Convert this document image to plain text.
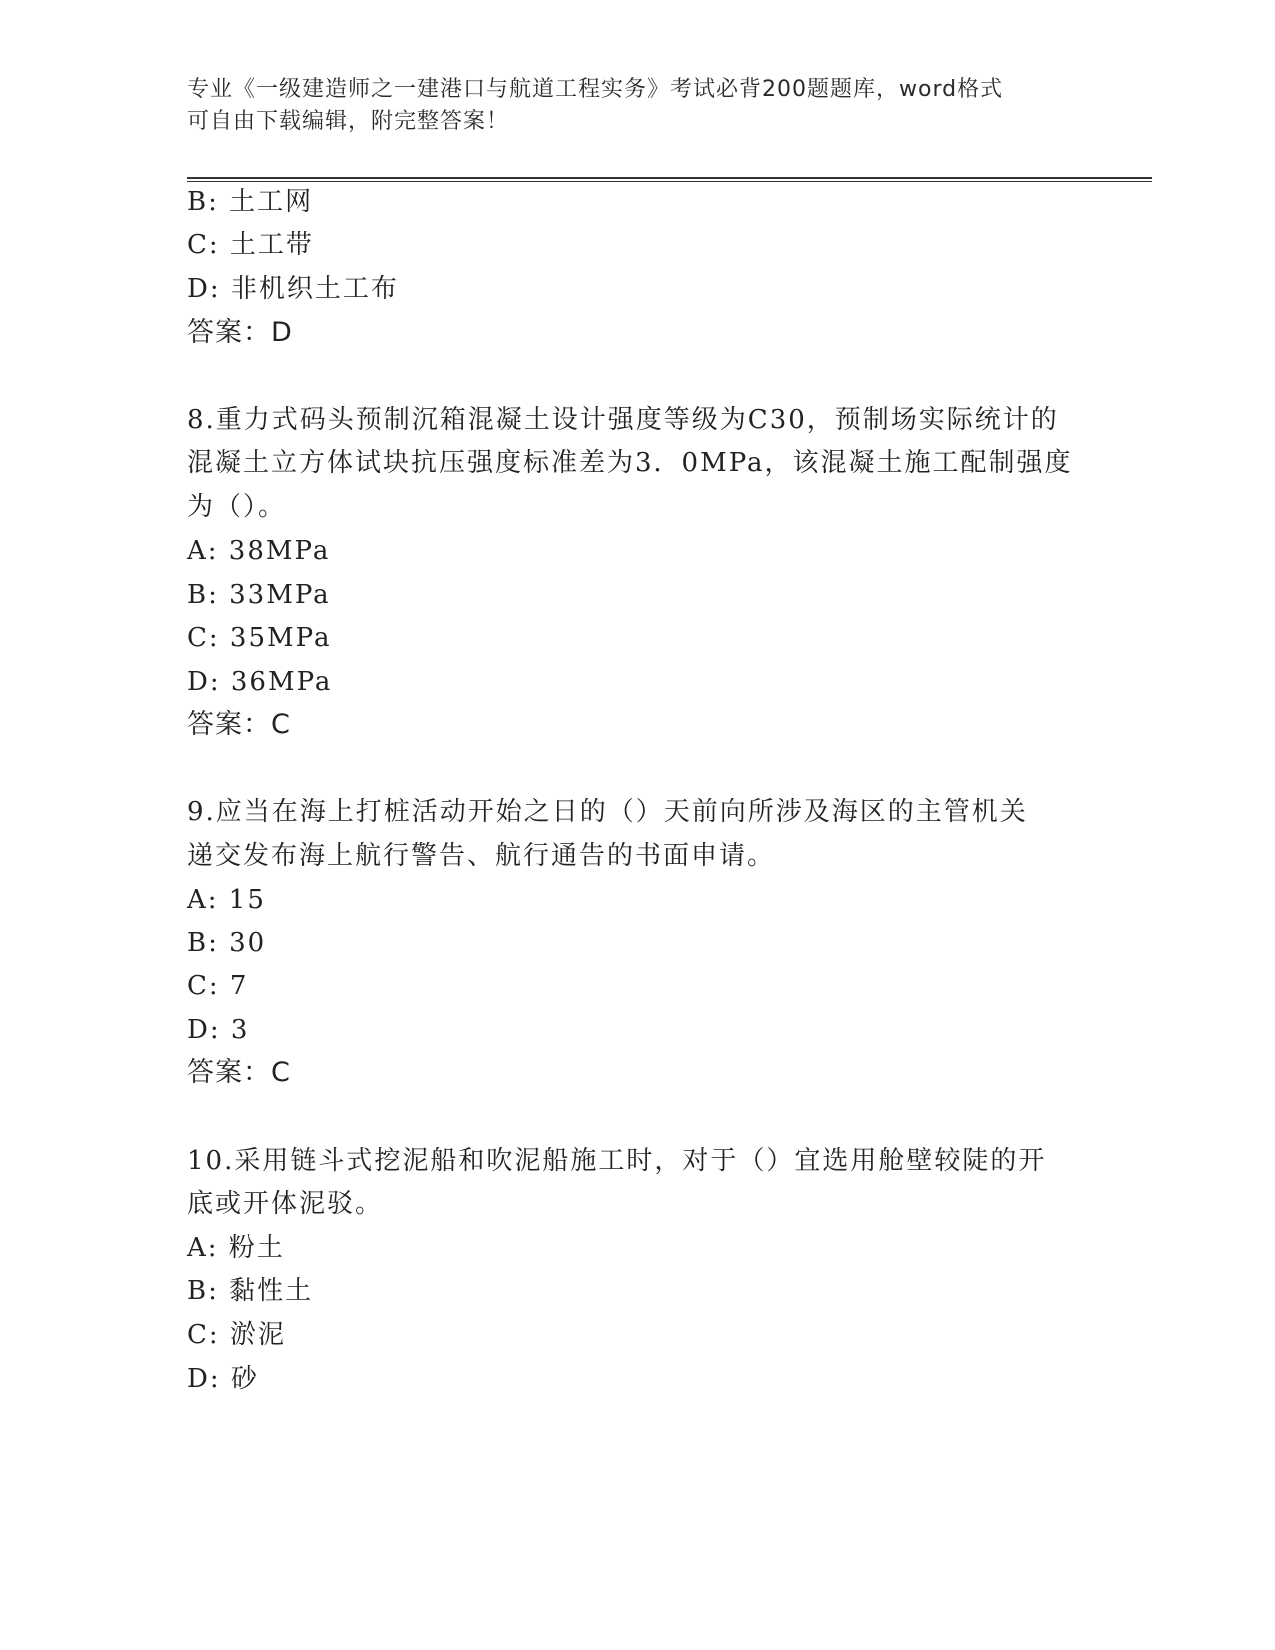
专业《一级建造师之一建港口与航道工程实务》考试必背200题题库，word格式
可自由下载编辑，附完整答案！
B: 土工网
C: 土工带
D: 非机织土工布
答案：D
8.重力式码头预制沉箱混凝土设计强度等级为C30，预制场实际统计的
混凝土立方体试块抗压强度标准差为3．0MPa，该混凝土施工配制强度
为（）。
A: 38MPa
B: 33MPa
C: 35MPa
D: 36MPa
答案：C
9.应当在海上打桩活动开始之日的（）天前向所涉及海区的主管机关
递交发布海上航行警告、航行通告的书面申请。
A: 15
B: 30
C: 7
D: 3
答案：C
10.采用链斗式挖泥船和吹泥船施工时，对于（）宜选用舱壁较陡的开
底或开体泥驳。
A: 粉土
B: 黏性土
C: 淤泥
D: 砂
